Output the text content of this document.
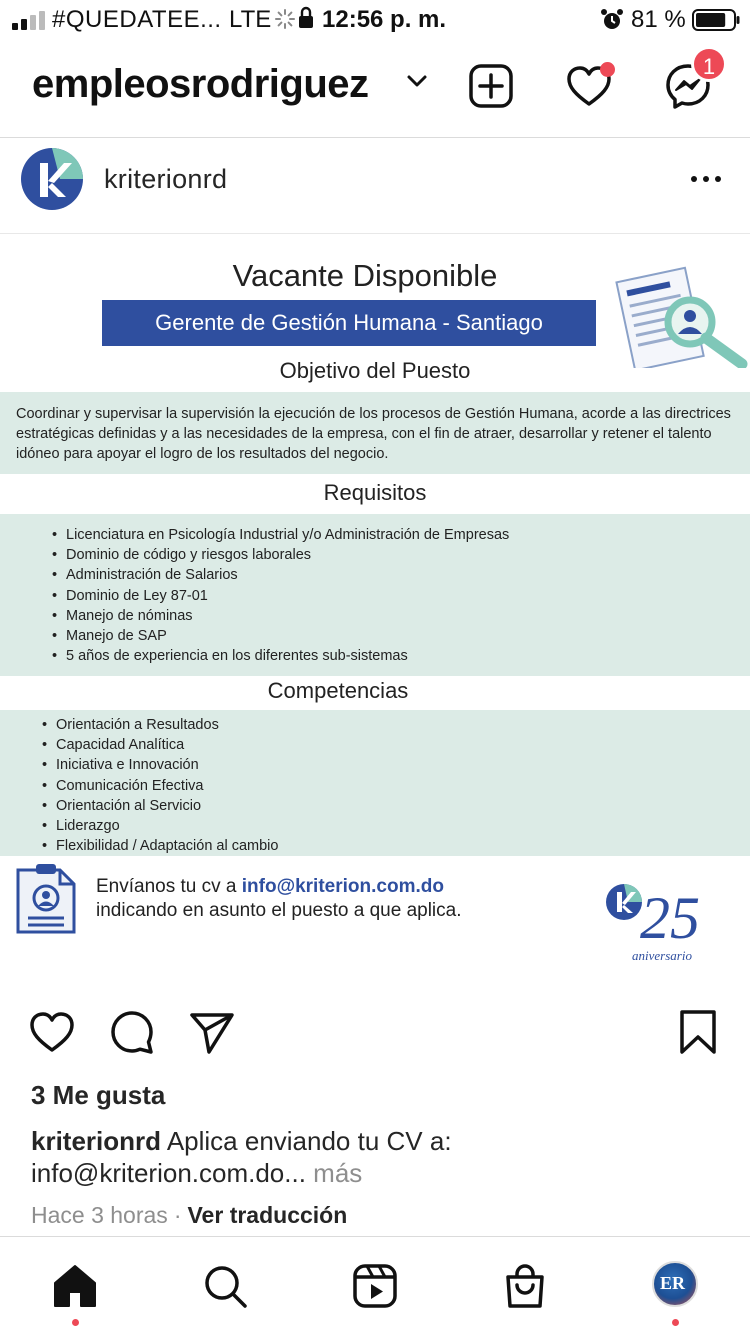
#QUEDATEE... LTE 12:56 p. m.	81 %
empleosrodriguez	1
kriterionrd
Vacante Disponible
Gerente de Gestión Humana - Santiago
Objetivo del Puesto
Coordinar y supervisar la supervisión la ejecución de los procesos de Gestión Humana, acorde a las directrices estratégicas definidas y a las necesidades de la empresa, con el fin de atraer, desarrollar y retener el talento idóneo para apoyar el logro de los resultados del negocio.
Requisitos
• Licenciatura en Psicología Industrial y/o Administración de Empresas
• Dominio de código y riesgos laborales
• Administración de Salarios
• Dominio de Ley 87-01
• Manejo de nóminas
• Manejo de SAP
• 5 años de experiencia en los diferentes sub-sistemas
Competencias
• Orientación a Resultados
• Capacidad Analítica
• Iniciativa e Innovación
• Comunicación Efectiva
• Orientación al Servicio
• Liderazgo
• Flexibilidad / Adaptación al cambio
Envíanos tu cv a info@kriterion.com.do
indicando en asunto el puesto a que aplica.	25
aniversario
3 Me gusta
kriterionrd Aplica enviando tu CV a: info@kriterion.com.do... más
Hace 3 horas · Ver traducción
ER
